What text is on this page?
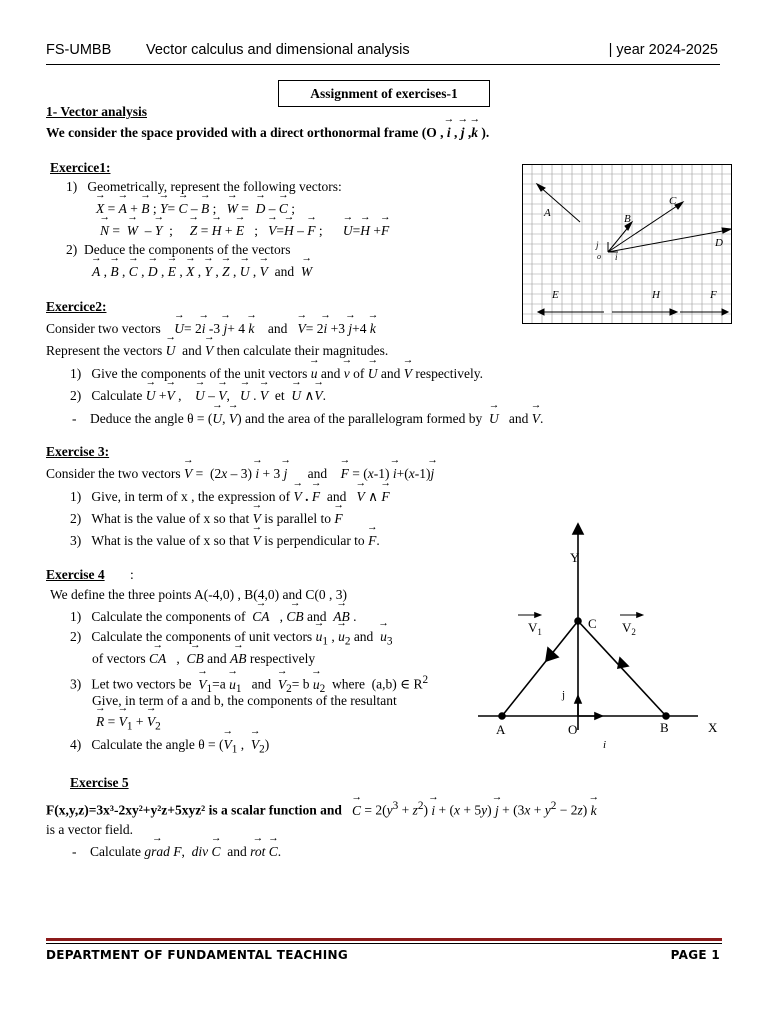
FS-UMBB Vector calculus and dimensional analysis	| year 2024-2025
Assignment of exercises-1
1- Vector analysis
We consider the space provided with a direct orthonormal frame (O , → i , → j ,→ k ).
Exercice1:
1) Geometrically, represent the following vectors:
→ X = → A + → B ; → Y= → C – → B ;   → W =  → D – → C ;
→ N =  → W  – → Y  ;     → Z = → H + → E   ;   → V=→ H – → F ;      → U=→ H +→ F
2) Deduce the components of the vectors
→ A , → B , → C , → D , → E , → X , → Y , → Z , → U , → V and → W
A	B
C
D
E	H	F
j
o i
Exercice2:
Consider two vectors → U= 2→ i -3 → j+ 4 → k and → V= 2→ i +3 → j+4 → k
Represent the vectors → U and → V then calculate their magnitudes.
1) Give the components of the unit vectors → u and → v of → U and → V respectively.
2) Calculate → U +→ V ,    → U – → V,   → U . → V et → U ∧→ V.
- Deduce the angle θ = (→ U, → V) and the area of the parallelogram formed by → U and → V.
Exercise 3:
Consider the two vectors → V =  (2x – 3) → i + 3 → j      and    → F = (x-1) → i+(x-1)→ j
1) Give, in term of x , the expression of → V . → F  and   → V ∧ → F
2) What is the value of x so that → V is parallel to → F
3) What is the value of x so that → V is perpendicular to → F.
Exercise 4 :
We define the three points A(-4,0) , B(4,0) and C(0 , 3)
1) Calculate the components of → CA   , → CB and  → AB .
2) Calculate the components of unit vectors → $u_1$ , → $u_2$ and  → $u_3$
of vectors → CA   ,  → CB and → AB respectively
3) Let two vectors be → $V_1=a \to u_1$   and  → $V_2= b \to u_2$  where  (a,b) ∈ $R^2$
Give, in term of a and b, the components of the resultant
→ R = → $V_1$ + → $V_2$
4) Calculate the angle θ = (→ $V_1$ ,  → $V_2$)
Y
X
A	B
C
O
$V_1$	$V_2$
j
i
Exercise 5
F(x,y,z)=3x³-2xy²+y²z+5xyz² is a scalar function and → $C = 2(y^3 + z^2) \to i + (x + 5y) \to j + (3x + y^2 - 2z) \to k$
is a vector field.
- Calculate → grad F,  div → C  and → rot → C.
DEPARTMENT OF FUNDAMENTAL TEACHING	PAGE 1
